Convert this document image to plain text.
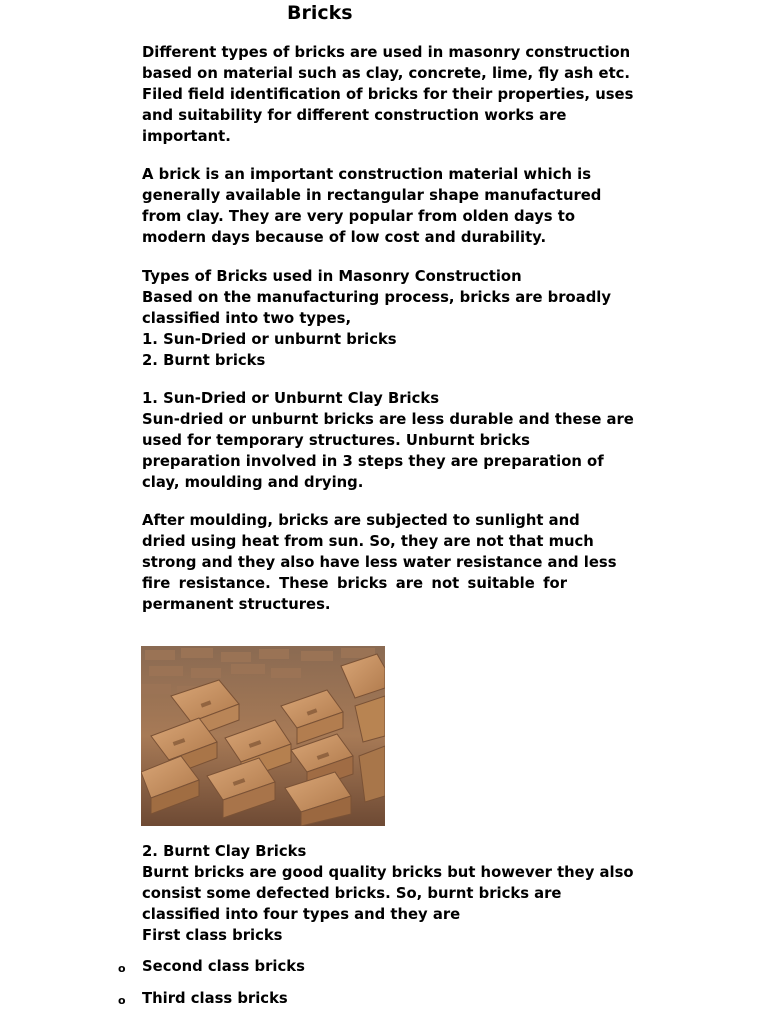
Bricks
Different types of bricks are used in masonry construction
based on material such as clay, concrete, lime, fly ash etc.
Filed field identification of bricks for their properties, uses
and suitability for different construction works are
important.
A brick is an important construction material which is
generally available in rectangular shape manufactured
from clay. They are very popular from olden days to
modern days because of low cost and durability.
Types of Bricks used in Masonry Construction
Based on the manufacturing process, bricks are broadly
classified into two types,
1. Sun-Dried or unburnt bricks
2. Burnt bricks
1. Sun-Dried or Unburnt Clay Bricks
Sun-dried or unburnt bricks are less durable and these are
used for temporary structures. Unburnt bricks
preparation involved in 3 steps they are preparation of
clay, moulding and drying.
After moulding, bricks are subjected to sunlight and
dried using heat from sun. So, they are not that much
strong and they also have less water resistance and less
fire resistance. These bricks are not suitable for
permanent structures.
2. Burnt Clay Bricks
Burnt bricks are good quality bricks but however they also
consist some defected bricks. So, burnt bricks are
classified into four types and they are
First class bricks
o Second class bricks
o Third class bricks
